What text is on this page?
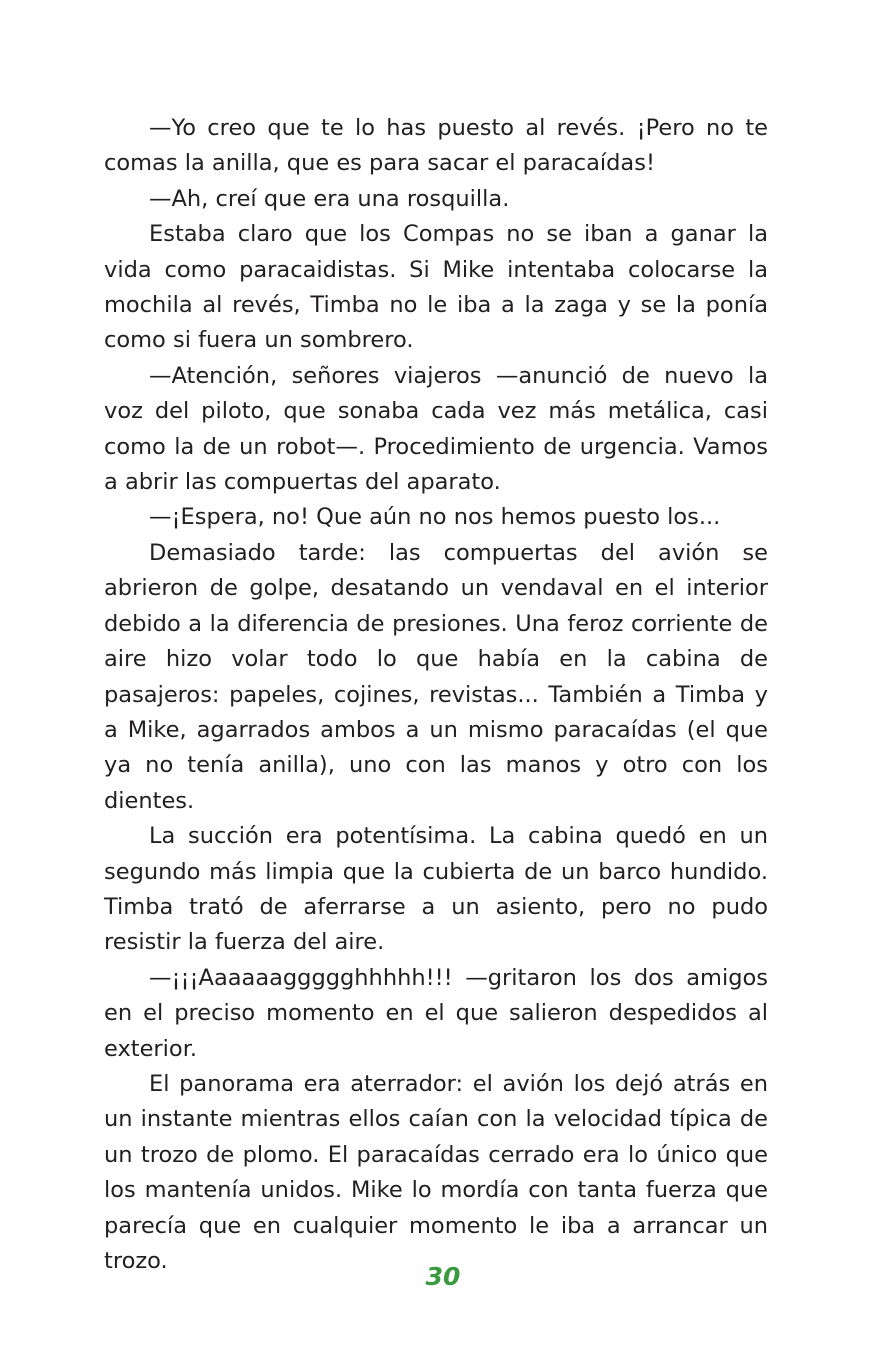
—Yo creo que te lo has puesto al revés. ¡Pero no te comas la anilla, que es para sacar el paracaídas!

—Ah, creí que era una rosquilla.

Estaba claro que los Compas no se iban a ganar la vida como paracaidistas. Si Mike intentaba colocarse la mochila al revés, Timba no le iba a la zaga y se la ponía como si fuera un sombrero.

—Atención, señores viajeros —anunció de nuevo la voz del piloto, que sonaba cada vez más metálica, casi como la de un robot—. Procedimiento de urgencia. Vamos a abrir las compuertas del aparato.

—¡Espera, no! Que aún no nos hemos puesto los...

Demasiado tarde: las compuertas del avión se abrieron de golpe, desatando un vendaval en el interior debido a la diferencia de presiones. Una feroz corriente de aire hizo volar todo lo que había en la cabina de pasajeros: papeles, cojines, revistas... También a Timba y a Mike, agarrados ambos a un mismo paracaídas (el que ya no tenía anilla), uno con las manos y otro con los dientes.

La succión era potentísima. La cabina quedó en un segundo más limpia que la cubierta de un barco hundido. Timba trató de aferrarse a un asiento, pero no pudo resistir la fuerza del aire.

—¡¡¡Aaaaaaggggghhhhh!!! —gritaron los dos amigos en el preciso momento en el que salieron despedidos al exterior.

El panorama era aterrador: el avión los dejó atrás en un instante mientras ellos caían con la velocidad típica de un trozo de plomo. El paracaídas cerrado era lo único que los mantenía unidos. Mike lo mordía con tanta fuerza que parecía que en cualquier momento le iba a arrancar un trozo.

30
